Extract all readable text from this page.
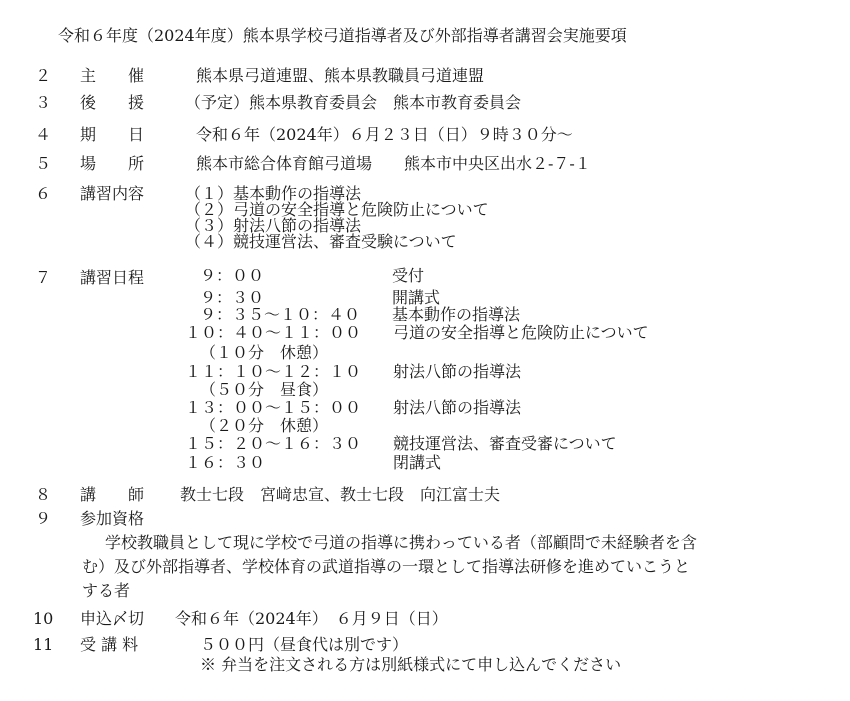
令和６年度（2024年度）熊本県学校弓道指導者及び外部指導者講習会実施要項
２ 主　　催	熊本県弓道連盟、熊本県教職員弓道連盟
３ 後　　援	（予定）熊本県教育委員会　熊本市教育委員会
４ 期　　日	令和６年（2024年）６月２３日（日）９時３０分～
５ 場　　所	熊本市総合体育館弓道場　　熊本市中央区出水２-７-１
６ 講習内容	（１）基本動作の指導法
（２）弓道の安全指導と危険防止について
（３）射法八節の指導法
（４）競技運営法、審査受験について
７ 講習日程	９：００　　　　　　　　受付
９：３０　　　　　　　　開講式
９：３５～１０：４０　　基本動作の指導法
１０：４０～１１：００　　弓道の安全指導と危険防止について
（１０分　休憩）
１１：１０～１２：１０　　射法八節の指導法
（５０分　昼食）
１３：００～１５：００　　射法八節の指導法
（２０分　休憩）
１５：２０～１６：３０　　競技運営法、審査受審について
１６：３０　　　　　　　　閉講式
８ 講　　師 教士七段　宮﨑忠宣、教士七段　向江富士夫
９ 参加資格
学校教職員として現に学校で弓道の指導に携わっている者（部顧問で未経験者を含
む）及び外部指導者、学校体育の武道指導の一環として指導法研修を進めていこうと
する者
10 申込〆切 令和６年（2024年）　６月９日（日）
11 受 講 料	５００円（昼食代は別です）
※ 弁当を注文される方は別紙様式にて申し込んでください
